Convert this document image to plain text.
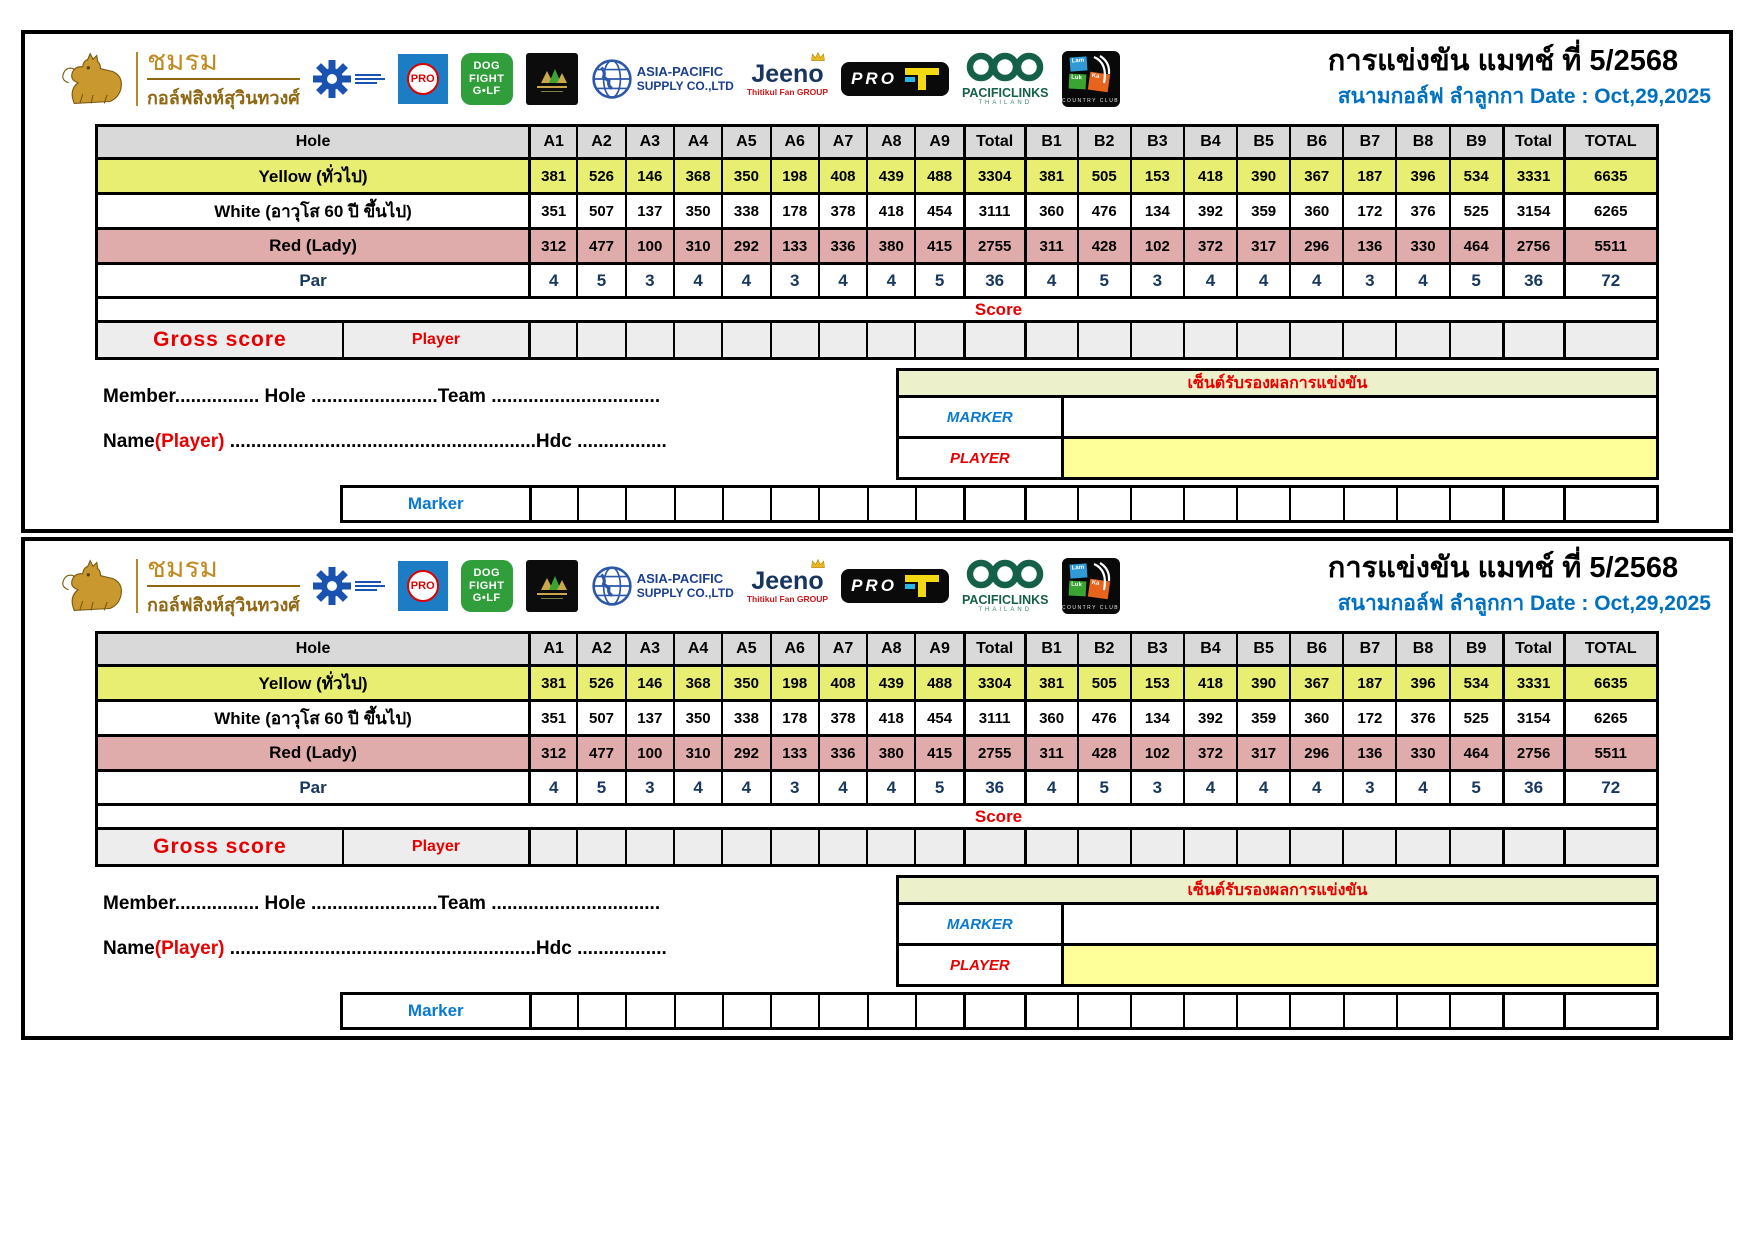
ชมรม
กอล์ฟสิงห์สุวินทวงศ์
PRO
DOG
FIGHT
G•LF
ASIA-PACIFIC
SUPPLY CO.,LTD Jeeno
Thitikul Fan GROUP
PRO
PACIFICLINKS
THAILAND
Lam
Luk	Ka
COUNTRY CLUB
การแข่งขัน แมทช์ ที่ 5/2568
สนามกอล์ฟ ลำลูกกา Date : Oct,29,2025
Hole	A1	A2	A3	A4	A5	A6	A7	A8	A9	Total	B1	B2	B3	B4	B5	B6	B7	B8	B9	Total	TOTAL
Yellow (ทั่วไป)	381	526	146	368	350	198	408	439	488	3304	381	505	153	418	390	367	187	396	534	3331	6635
White (อาวุโส 60 ปี ขึ้นไป)	351	507	137	350	338	178	378	418	454	3111	360	476	134	392	359	360	172	376	525	3154	6265
Red (Lady)	312	477	100	310	292	133	336	380	415	2755	311	428	102	372	317	296	136	330	464	2756	5511
Par	4	5	3	4	4	3	4	4	5	36	4	5	3	4	4	4	3	4	5	36	72
Score
Gross score	Player
Member................ Hole ........................Team ................................
Name(Player) ..........................................................Hdc .................
เซ็นต์รับรองผลการแข่งขัน
MARKER
PLAYER
Marker
ชมรม
กอล์ฟสิงห์สุวินทวงศ์
PRO
DOG
FIGHT
G•LF
ASIA-PACIFIC
SUPPLY CO.,LTD Jeeno
Thitikul Fan GROUP
PRO
PACIFICLINKS
THAILAND
Lam
Luk	Ka
COUNTRY CLUB
การแข่งขัน แมทช์ ที่ 5/2568
สนามกอล์ฟ ลำลูกกา Date : Oct,29,2025
Hole	A1	A2	A3	A4	A5	A6	A7	A8	A9	Total	B1	B2	B3	B4	B5	B6	B7	B8	B9	Total	TOTAL
Yellow (ทั่วไป)	381	526	146	368	350	198	408	439	488	3304	381	505	153	418	390	367	187	396	534	3331	6635
White (อาวุโส 60 ปี ขึ้นไป)	351	507	137	350	338	178	378	418	454	3111	360	476	134	392	359	360	172	376	525	3154	6265
Red (Lady)	312	477	100	310	292	133	336	380	415	2755	311	428	102	372	317	296	136	330	464	2756	5511
Par	4	5	3	4	4	3	4	4	5	36	4	5	3	4	4	4	3	4	5	36	72
Score
Gross score	Player
Member................ Hole ........................Team ................................
Name(Player) ..........................................................Hdc .................
เซ็นต์รับรองผลการแข่งขัน
MARKER
PLAYER
Marker
